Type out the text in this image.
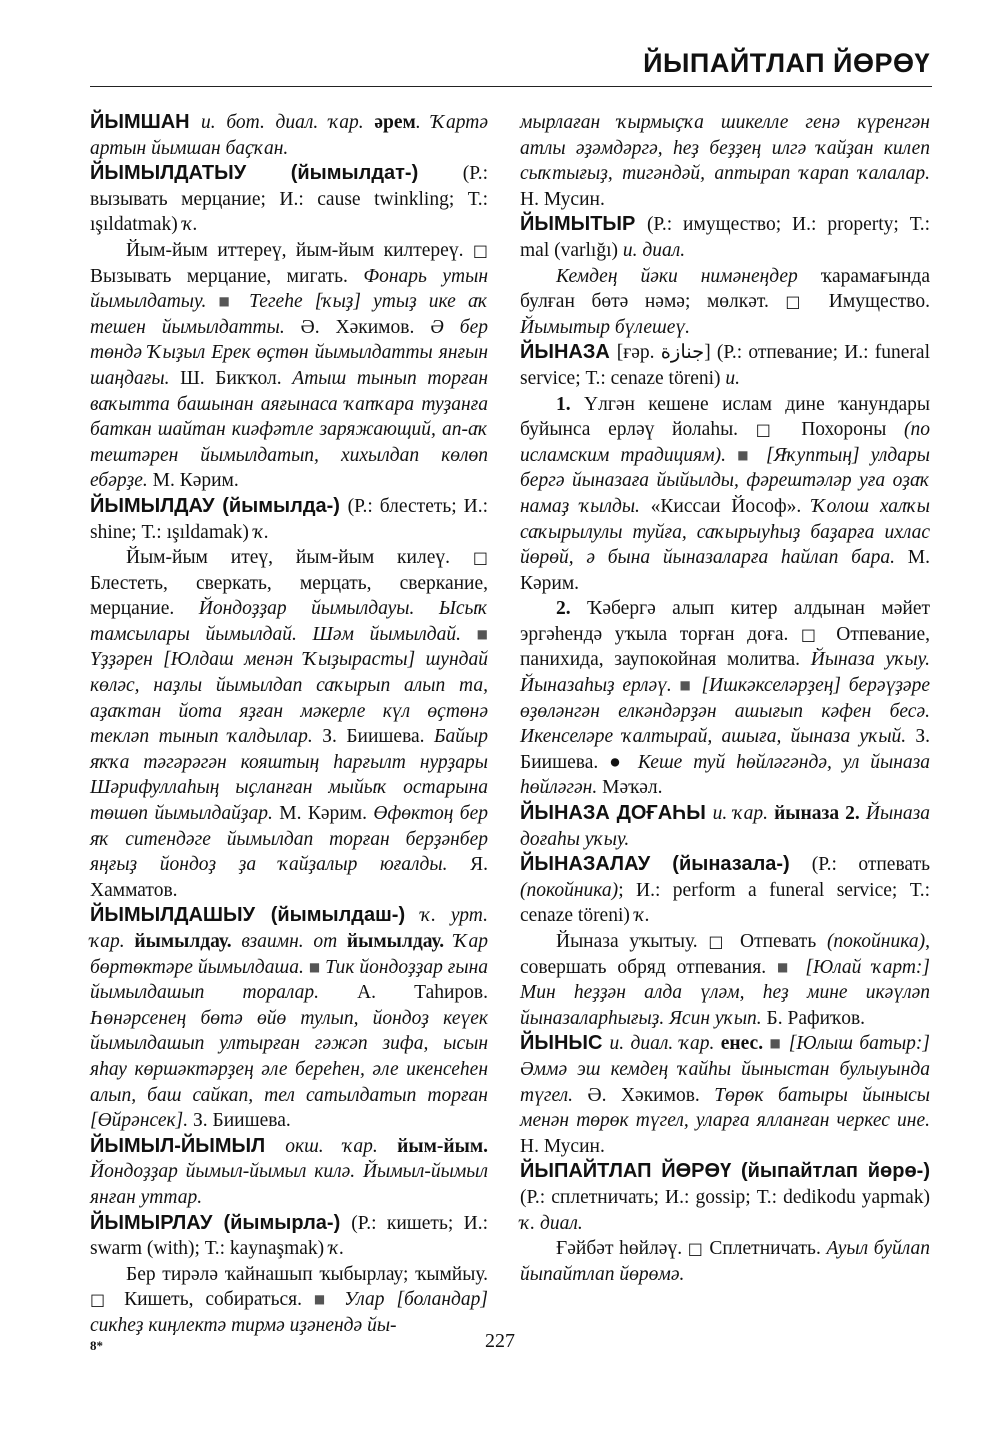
ЙЫПАЙТЛАП ЙӨРӨҮ

ЙЫМШАН и. бот. диал. ҡар. әрем. Ҡартә артын йымшан баҫҡан.

ЙЫМЫЛДАТЫУ (йымылдат-) (Р.: вызывать мерцание; И.: cause twinkling; Т.: ışıldatmak) ҡ.

Йым-йым иттереү, йым-йым килтереү. □ Вызывать мерцание, мигать. Фонарь утын йымылдатыу. ■ Тегеһе [ҡыҙ] утыҙ ике аҡ тешен йымылдатты. Ә. Хәкимов. Ә бер төндә Ҡыҙыл Ерек өҫтөн йымылдатты янғын шаңдағы. Ш. Бикҡол. Атыш тынып торған ваҡытта башынан аяғынаса ҡапҡара туҙанға баткан шайтан киәфәтле заряжающий, ап-аҡ тештәрен йымылдатып, хихылдап көлөп ебәрҙе. М. Кәрим.

ЙЫМЫЛДАУ (йымылда-) (Р.: блестеть; И.: shine; Т.: ışıldamak) ҡ.

Йым-йым итеү, йым-йым килеү. □ Блестеть, сверкать, мерцать, сверкание, мерцание. Йондоҙҙар йымылдауы. Ысыҡ тамсылары йымылдай. Шәм йымылдай. ■ Үҙҙәрен [Юлдаш менән Ҡыҙырасты] шундай көләс, наҙлы йымылдап саҡырып алып та, аҙаҡтан йота яҙған мәкерле күл өҫтөнә текләп тынып ҡалдылар. З. Биишева. Байыр яҡҡа тәгәрәгән кояштың һарғылт нурҙары Шәрифуллаһың ыҫланған мыйыҡ остарына төшөп йымылдайҙар. М. Кәрим. Өфөктоң бер яҡ ситендәге йымылдап торған берҙәнбер яңғыҙ йондоҙ ҙа ҡайҙалыр юғалды. Я. Хамматов.

ЙЫМЫЛДАШЫУ (йымылдаш-) ҡ. урт. ҡар. йымылдау. взаимн. от йымылдау. Ҡар бөртөктәре йымылдаша. ■ Тик йондоҙҙар ғына йымылдашып торалар. А. Таһиров. Һөнәрсенең бөтә өйө тулып, йондоҙ кеүек йымылдашып ултырған гәжәп зифа, ысын яһау көршәктәрҙең әле береһен, әле икенсеһен алып, баш сайкап, тел сатылдатып торған [Өйрәнсек]. З. Биишева.

ЙЫМЫЛ-ЙЫМЫЛ окш. ҡар. йым-йым. Йондоҙҙар йымыл-йымыл килә. Йымыл-йымыл янған уттар.

ЙЫМЫРЛАУ (йымырла-) (Р.: кишеть; И.: swarm (with); Т.: kaynaşmak) ҡ.

Бер тирәлә ҡайнашып ҡыбырлау; ҡымйыу. □ Кишеть, собираться. ■ Улар [боландар] сикһеҙ киңлектә тирмә иҙәнендә йы-

мырлаған ҡырмыҫҡа шикелле генә күренгән атлы әҙәмдәргә, һеҙ беҙҙең илгә ҡайҙан килеп сыҡтығыҙ, тигәндәй, аптырап ҡарап ҡалалар. Н. Мусин.

ЙЫМЫТЫР (Р.: имущество; И.: property; Т.: mal (varlığı) и. диал.

Кемдең йәки нимәнеңдер ҡарамағында булған бөтә нәмә; мөлкәт. □ Имущество. Йымытыр бүлешеү.

ЙЫНАЗА [ғәр. جنازة] (Р.: отпевание; И.: funeral service; Т.: cenaze töreni) и.

1. Үлгән кешене ислам дине ҡанундары буйынса ерләү йолаһы. □ Похороны (по исламским традициям). ■ [Яҡуптың] улдары бергә йыназаға йыйылды, фәрештәләр уға оҙаҡ намаҙ ҡылды. «Киссаи Йософ». Ҡолош халҡы саҡырылулы туйға, саҡырыуһыҙ баҙарға ихлас йөрөй, ә бына йыназаларға һайлап бара. М. Кәрим.

2. Ҡәбергә алып китер алдынан мәйет эргәһендә уҡыла торған доға. □ Отпевание, панихида, заупокойная молитва. Йыназа уҡыу. Йыназаһыҙ ерләү. ■ [Ишкәкселәрҙең] берәүҙәре өҙөләнгән елкәндәрҙән ашығып кәфен бесә. Икенселәре ҡалтырай, ашыға, йыназа уҡый. З. Биишева. ● Кеше туй һөйләгәндә, ул йыназа һөйләгән. Мәҡәл.

ЙЫНАЗА ДОҒАҺЫ и. ҡар. йыназа 2. Йыназа доғаһы уҡыу.

ЙЫНАЗАЛАУ (йыназала-) (Р.: отпевать (покойника); И.: perform a funeral service; Т.: cenaze töreni) ҡ.

Йыназа уҡытыу. □ Отпевать (покойника), совершать обряд отпевания. ■ [Юлай ҡарт:] Мин һеҙҙән алда үләм, һеҙ мине икәүләп йыназаларһығыҙ. Ясин уҡып. Б. Рафиҡов.

ЙЫНЫС и. диал. ҡар. енес. ■ [Юлыш батыр:] Әммә эш кемдең ҡайһы йыныстан булыуында түгел. Ә. Хәкимов. Төрөк батыры йынысы менән төрөк түгел, уларға ялланған черкес ине. Н. Мусин.

ЙЫПАЙТЛАП ЙӨРӨҮ (йыпайтлап йөрө-) (Р.: сплетничать; И.: gossip; Т.: dedikodu yapmak) ҡ. диал.

Ғәйбәт һөйләү. □ Сплетничать. Ауыл буйлап йыпайтлап йөрөмә.

8*	227
